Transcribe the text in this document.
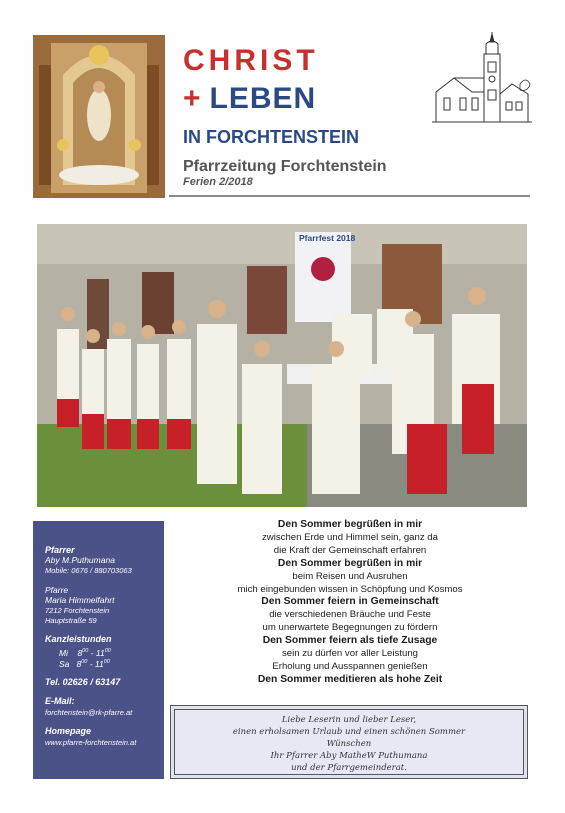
CHRIST
+ LEBEN
IN FORCHTENSTEIN
Pfarrzeitung Forchtenstein
Ferien 2/2018
Pfarrfest 2018
Pfarrer
Aby M.Puthumana
Mobile: 0676 / 880703063
Pfarre
Maria Himmelfahrt
7212 Forchtenstein
Hauptstraße 59
Kanzleistunden
Mi $8^{00} - 11^{00}$
Sa $8^{00} - 11^{00}$
Tel. 02626 / 63147
E-Mail:
forchtenstein@rk-pfarre.at
Homepage
www.pfarre-forchtenstein.at
Den Sommer begrüßen in mir
zwischen Erde und Himmel sein, ganz da
die Kraft der Gemeinschaft erfahren
Den Sommer begrüßen in mir
beim Reisen und Ausruhen
mich eingebunden wissen in Schöpfung und Kosmos
Den Sommer feiern in Gemeinschaft
die verschiedenen Bräuche und Feste
um unerwartete Begegnungen zu fördern
Den Sommer feiern als tiefe Zusage
sein zu dürfen vor aller Leistung
Erholung und Ausspannen genießen
Den Sommer meditieren als hohe Zeit
Liebe Leserin und lieber Leser,
einen erholsamen Urlaub und einen schönen Sommer
Wünschen
Ihr Pfarrer Aby MatheW Puthumana
und der Pfarrgemeinderat.
